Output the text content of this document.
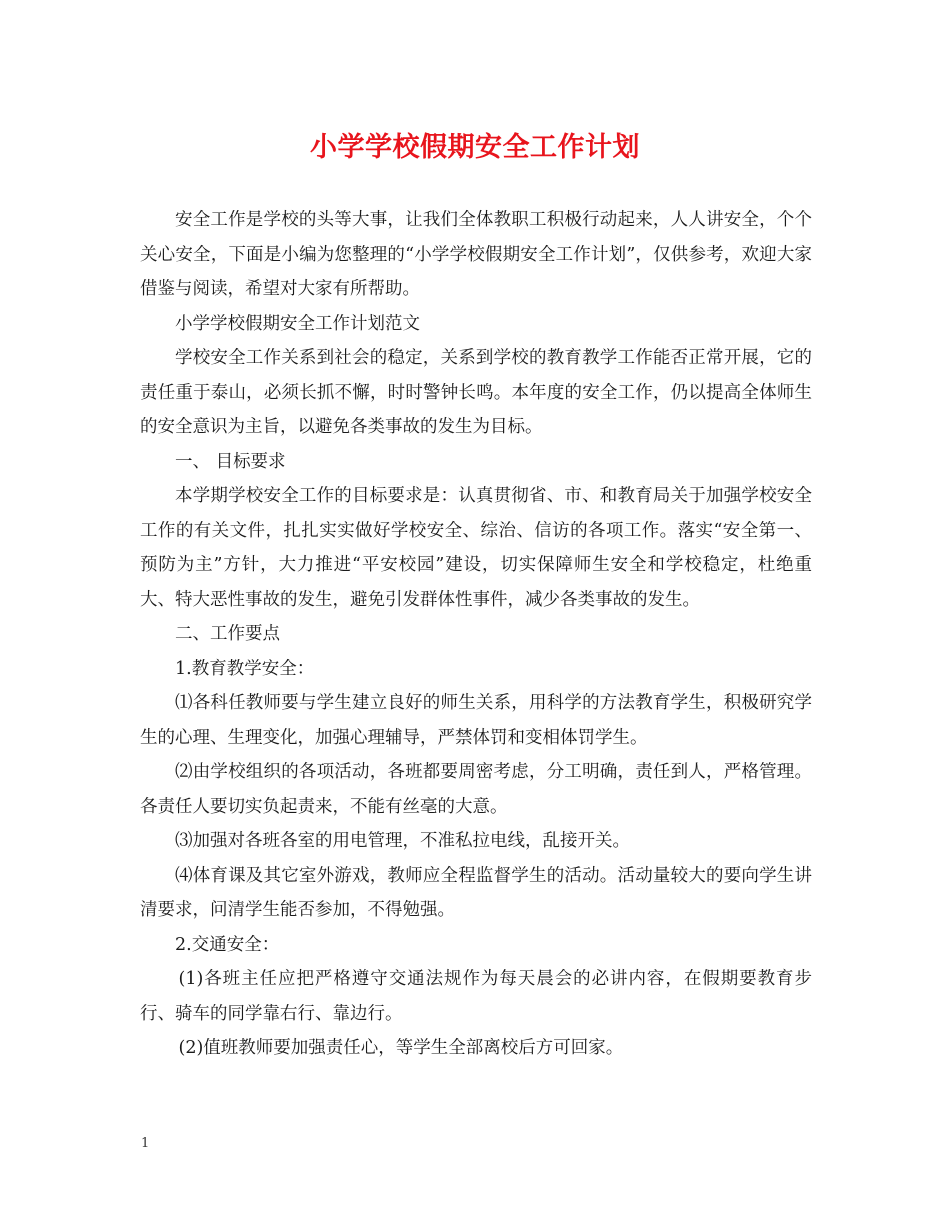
小学学校假期安全工作计划

安全工作是学校的头等大事，让我们全体教职工积极行动起来，人人讲安全，个个关心安全，下面是小编为您整理的“小学学校假期安全工作计划”，仅供参考，欢迎大家借鉴与阅读，希望对大家有所帮助。

小学学校假期安全工作计划范文

学校安全工作关系到社会的稳定，关系到学校的教育教学工作能否正常开展，它的责任重于泰山，必须长抓不懈，时时警钟长鸣。本年度的安全工作，仍以提高全体师生的安全意识为主旨，以避免各类事故的发生为目标。

一、 目标要求

本学期学校安全工作的目标要求是：认真贯彻省、市、和教育局关于加强学校安全工作的有关文件，扎扎实实做好学校安全、综治、信访的各项工作。落实“安全第一、预防为主”方针，大力推进“平安校园”建设，切实保障师生安全和学校稳定，杜绝重大、特大恶性事故的发生，避免引发群体性事件，减少各类事故的发生。

二、工作要点

1.教育教学安全：

⑴各科任教师要与学生建立良好的师生关系，用科学的方法教育学生，积极研究学生的心理、生理变化，加强心理辅导，严禁体罚和变相体罚学生。

⑵由学校组织的各项活动，各班都要周密考虑，分工明确，责任到人，严格管理。各责任人要切实负起责来，不能有丝毫的大意。

⑶加强对各班各室的用电管理，不准私拉电线，乱接开关。

⑷体育课及其它室外游戏，教师应全程监督学生的活动。活动量较大的要向学生讲清要求，问清学生能否参加，不得勉强。

2.交通安全：

(1)各班主任应把严格遵守交通法规作为每天晨会的必讲内容，在假期要教育步行、骑车的同学靠右行、靠边行。

(2)值班教师要加强责任心，等学生全部离校后方可回家。

1
